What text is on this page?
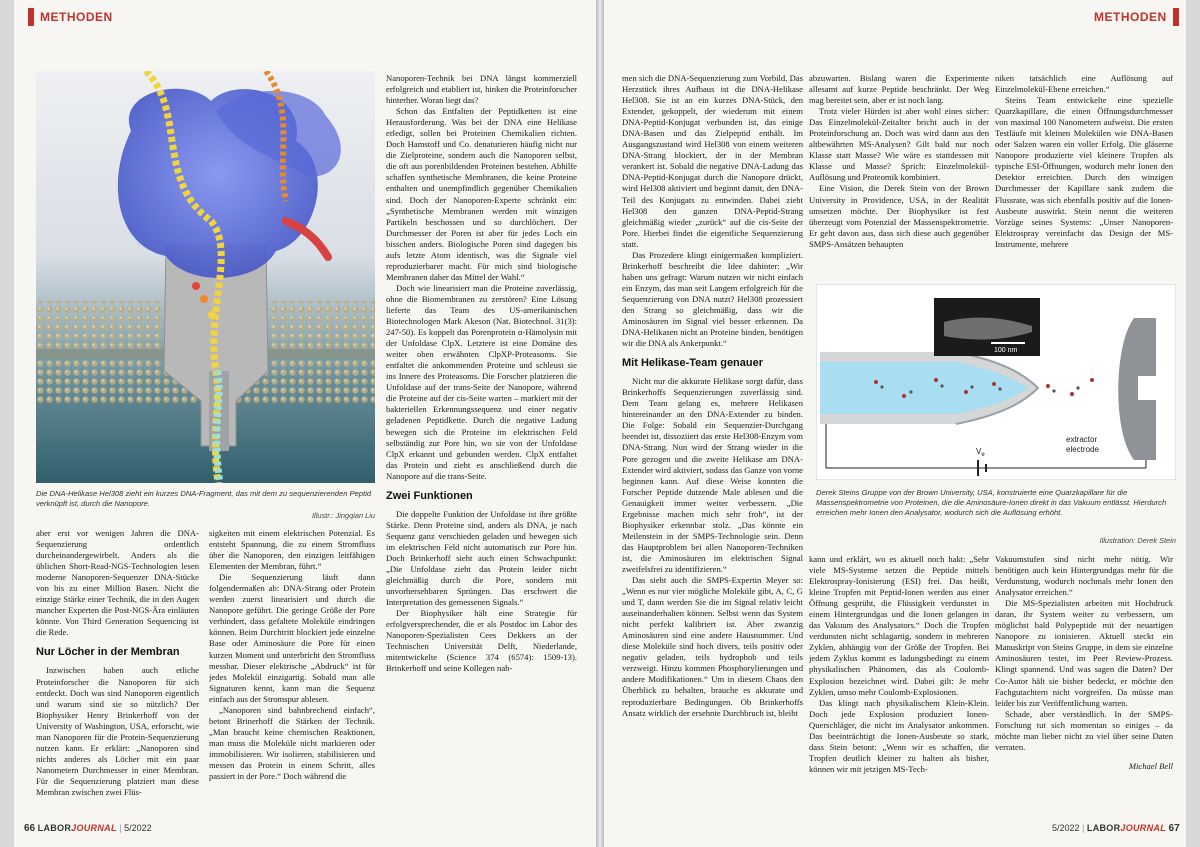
METHODEN
Die DNA-Helikase Hel308 zieht ein kurzes DNA-Fragment, das mit dem zu sequenzierenden Peptid verknüpft ist, durch die Nanopore.
Illustr.: Jingqian Liu

Nanoporen-Technik bei DNA längst kommerziell erfolgreich und etabliert ist, hinken die Proteinforscher hinterher. Woran liegt das?

Schon das Entfalten der Peptidketten ist eine Herausforderung. Was bei der DNA eine Helikase erledigt, sollen bei Proteinen Chemikalien richten. Doch Hamstoff und Co. denaturieren häufig nicht nur die Zielproteine, sondern auch die Nanoporen selbst, die oft aus porenbildenden Proteinen bestehen. Abhilfe schaffen synthetische Membranen, die keine Proteine enthalten und unempfindlich gegenüber Chemikalien sind. Doch der Nanoporen-Experte schränkt ein: „Synthetische Membranen werden mit winzigen Partikeln beschossen und so durchlöchert. Der Durchmesser der Poren ist aber für jedes Loch ein bisschen anders. Biologische Poren sind dagegen bis aufs letzte Atom identisch, was die Signale viel reproduzierbarer macht. Für mich sind biologische Membranen daher das Mittel der Wahl.“

Doch wie linearisiert man die Proteine zuverlässig, ohne die Biomembranen zu zerstören? Eine Lösung lieferte das Team des US-amerikanischen Biotechnologen Mark Akeson (Nat. Biotechnol. 31(3): 247-50). Es koppelt das Porenprotein α-Hämolysin mit der Unfoldase ClpX. Letztere ist eine Domäne des weiter oben erwähnten ClpXP-Proteasoms. Sie entfaltet die ankommenden Proteine und schleust sie ins Innere des Proteasoms. Die Forscher platzieren die Unfoldase auf der trans-Seite der Nanopore, während die Proteine auf der cis-Seite warten – markiert mit der bakteriellen Erkennungssequenz und einer negativ geladenen Peptidkette. Durch die negative Ladung bewegen sich die Proteine im elektrischen Feld selbständig zur Pore hin, wo sie von der Unfoldase ClpX erkannt und gebunden werden. ClpX entfaltet das Protein und zieht es anschließend durch die Nanopore auf die trans-Seite.

Zwei Funktionen

Die doppelte Funktion der Unfoldase ist ihre größte Stärke. Denn Proteine sind, anders als DNA, je nach Sequenz ganz verschieden geladen und bewegen sich im elektrischen Feld nicht automatisch zur Pore hin. Doch Brinkerhoff sieht auch einen Schwachpunkt: „Die Unfoldase zieht das Protein leider nicht gleichmäßig durch die Pore, sondern mit unvorhersehbaren Sprüngen. Das erschwert die Interpretation des gemessenen Signals.“

Der Biophysiker hält eine Strategie für erfolgversprechender, die er als Postdoc im Labor des Nanoporen-Spezialisten Cees Dekkers an der Technischen Universität Delft, Niederlande, mitentwickelte (Science 374 (6574): 1509-13). Brinkerhoff und seine Kollegen nah-

aber erst vor wenigen Jahren die DNA-Sequenzierung ordentlich durcheinandergewirbelt. Anders als die üblichen Short-Read-NGS-Technologien lesen moderne Nanoporen-Sequenzer DNA-Stücke von bis zu einer Million Basen. Nicht die einzige Stärke einer Technik, die in den Augen mancher Experten die Post-NGS-Ära einläuten könnte. Von Third Generation Sequencing ist die Rede.

Nur Löcher in der Membran

Inzwischen haben auch etliche Proteinforscher die Nanoporen für sich entdeckt. Doch was sind Nanoporen eigentlich und warum sind sie so nützlich? Der Biophysiker Henry Brinkerhoff von der University of Washington, USA, erforscht, wie man Nanoporen für die Protein-Sequenzierung nutzen kann. Er erklärt: „Nanoporen sind nichts anderes als Löcher mit ein paar Nanometern Durchmesser in einer Membran. Für die Sequenzierung platziert man diese Membran zwischen zwei Flüs-

sigkeiten mit einem elektrischen Potenzial. Es entsteht Spannung, die zu einem Stromfluss über die Nanoporen, den einzigen leitfähigen Elementen der Membran, führt.“

Die Sequenzierung läuft dann folgendermaßen ab: DNA-Strang oder Protein werden zuerst linearisiert und durch die Nanopore geführt. Die geringe Größe der Pore verhindert, dass gefaltete Moleküle eindringen können. Beim Durchtritt blockiert jede einzelne Base oder Aminosäure die Pore für einen kurzen Moment und unterbricht den Stromfluss messbar. Dieser elektrische „Abdruck“ ist für jedes Molekül einzigartig. Sobald man alle Signaturen kennt, kann man die Sequenz einfach aus der Stromspur ablesen.

„Nanoporen sind bahnbrechend einfach“, betont Brinerhoff die Stärken der Technik. „Man braucht keine chemischen Reaktionen, man muss die Moleküle nicht markieren oder immobilisieren. Wir isolieren, stabilisieren und messen das Protein in einem Schritt, alles passiert in der Pore.“ Doch während die

66 LABORJOURNAL | 5/2022
METHODEN

men sich die DNA-Sequenzierung zum Vorbild. Das Herzstück ihres Aufbaus ist die DNA-Helikase Hel308. Sie ist an ein kurzes DNA-Stück, den Extender, gekoppelt, der wiederum mit einem DNA-Peptid-Konjugat verbunden ist, das einige DNA-Basen und das Zielpeptid enthält. Im Ausgangszustand wird Hel308 von einem weiteren DNA-Strang blockiert, der in der Membran verankert ist. Sobald die negative DNA-Ladung das DNA-Peptid-Konjugat durch die Nanopore drückt, wird Hel308 aktiviert und beginnt damit, den DNA-Teil des Konjugats zu entwinden. Dabei zieht Hel308 den ganzen DNA-Peptid-Strang gleichmäßig wieder „zurück“ auf die cis-Seite der Pore. Hierbei findet die eigentliche Sequenzierung statt.

Das Prozedere klingt einigermaßen kompliziert. Brinkerhoff beschreibt die Idee dahinter: „Wir haben uns gefragt: Warum nutzen wir nicht einfach ein Enzym, das man seit Langem erfolgreich für die Sequenzierung von DNA nutzt? Hel308 prozessiert den Strang so gleichmäßig, dass wir die Aminosäuren im Signal viel besser erkennen. Da DNA-Helikasen nicht an Proteine binden, benötigen wir die DNA als Ankerpunkt.“

Mit Helikase-Team genauer

Nicht nur die akkurate Helikase sorgt dafür, dass Brinkerhoffs Sequenzierungen zuverlässig sind. Dem Team gelang es, mehrere Helikasen hintereinander an den DNA-Extender zu binden. Die Folge: Sobald ein Sequenzier-Durchgang beendet ist, dissoziiert das erste Hel308-Enzym vom DNA-Strang. Nun wird der Strang wieder in die Pore gezogen und die zweite Helikase am DNA-Extender wird aktiviert, sodass das Ganze von vorne beginnen kann. Auf diese Weise konnten die Forscher Peptide dutzende Male ablesen und die Genauigkeit immer weiter verbessern. „Die Ergebnisse machen mich sehr froh“, ist der Biophysiker erkennbar stolz. „Das könnte ein Meilenstein in der SMPS-Technologie sein. Denn das Hauptproblem bei allen Nanoporen-Techniken ist, die Aminosäuren im elektrischen Signal zweifelsfrei zu identifizieren.“

Das sieht auch die SMPS-Expertin Meyer so: „Wenn es nur vier mögliche Moleküle gibt, A, C, G und T, dann werden Sie die im Signal relativ leicht auseinanderhalten können. Selbst wenn das System nicht perfekt kalibriert ist. Aber zwanzig Aminosäuren sind eine andere Hausnummer. Und diese Moleküle sind hoch divers, teils positiv oder negativ geladen, teils hydrophob und teils verzweigt. Hinzu kommen Phosphorylierungen und andere Modifikationen.“ Um in diesem Chaos den Überblick zu behalten, brauche es akkurate und reproduzierbare Bedingungen. Ob Brinkerhoffs Ansatz wirklich der ersehnte Durchbruch ist, bleibt

abzuwarten. Bislang waren die Experimente allesamt auf kurze Peptide beschränkt. Der Weg mag bereitet sein, aber er ist noch lang.

Trotz vieler Hürden ist aber wohl eines sicher: Das Einzelmolekül-Zeitalter bricht auch in der Proteinforschung an. Doch was wird dann aus den altbewährten MS-Analysen? Gilt bald nur noch Klasse statt Masse? Wie wäre es stattdessen mit Klasse und Masse? Sprich: Einzelmolekül-Auflösung und Proteomik kombiniert.

Eine Vision, die Derek Stein von der Brown University in Providence, USA, in der Realität umsetzen möchte. Der Biophysiker ist fest überzeugt vom Potenzial der Massenspektrometrie. Er geht davon aus, dass sich diese auch gegenüber SMPS-Ansätzen behaupten

niken tatsächlich eine Auflösung auf Einzelmolekül-Ebene erreichen.“

Steins Team entwickelte eine spezielle Quarzkapillare, die einen Öffnungsdurchmesser von maximal 100 Nanometern aufweist. Die ersten Testläufe mit kleinen Molekülen wie DNA-Basen oder Salzen waren ein voller Erfolg. Die gläserne Nanopore produzierte viel kleinere Tropfen als typische ESI-Öffnungen, wodurch mehr Ionen den Detektor erreichten. Durch den winzigen Durchmesser der Kapillare sank zudem die Flussrate, was sich ebenfalls positiv auf die Ionen-Ausbeute auswirkt. Stein nennt die weiteren Vorzüge seines Systems: „Unser Nanoporen-Elektrospray vereinfacht das Design der MS-Instrumente, mehrere

100 nm
$V_e$
extractor
electrode
Derek Steins Gruppe von der Brown University, USA, konstruierte eine Quarzkapillare für die Massenspektrometrie von Proteinen, die die Aminosäure-Ionen direkt in das Vakuum entlässt. Hierdurch erreichen mehr Ionen den Analysator, wodurch sich die Auflösung erhöht.
Illustration: Derek Stein

kann und erklärt, wo es aktuell noch hakt: „Sehr viele MS-Systeme setzen die Peptide mittels Elektrospray-Ionisierung (ESI) frei. Das heißt, kleine Tropfen mit Peptid-Ionen werden aus einer Öffnung gesprüht, die Flüssigkeit verdunstet in einem Hintergrundgas und die Ionen gelangen in das Vakuum des Analysators.“ Doch die Tropfen verdunsten nicht schlagartig, sondern in mehreren Zyklen, abhängig von der Größe der Tropfen. Bei jedem Zyklus kommt es ladungsbedingt zu einem physikalischen Phänomen, das als Coulomb-Explosion bezeichnet wird. Dabei gilt: Je mehr Zyklen, umso mehr Coulomb-Explosionen.

Das klingt nach physikalischem Klein-Klein. Doch jede Explosion produziert Ionen-Querschläger, die nicht im Analysator ankommen. Das beeinträchtigt die Ionen-Ausbeute so stark, dass Stein betont: „Wenn wir es schaffen, die Tropfen deutlich kleiner zu halten als bisher, können wir mit jetzigen MS-Tech-

Vakuumstufen sind nicht mehr nötig. Wir benötigen auch kein Hintergrundgas mehr für die Verdunstung, wodurch nochmals mehr Ionen den Analysator erreichen.“

Die MS-Spezialisten arbeiten mit Hochdruck daran, ihr System weiter zu verbessern, um möglichst bald Polypeptide mit der neuartigen Nanopore zu ionisieren. Aktuell steckt ein Manuskript von Steins Gruppe, in dem sie einzelne Aminosäuren testet, im Peer Review-Prozess. Klingt spannend. Und was sagen die Daten? Der Co-Autor hält sie bisher bedeckt, er möchte den Fachgutachtern nicht vorgreifen. Da müsse man leider bis zur Veröffentlichung warten.

Schade, aber verständlich. In der SMPS-Forschung tut sich momentan so einiges – da möchte man lieber nicht zu viel über seine Daten verraten.

Michael Bell

5/2022 | LABORJOURNAL 67
